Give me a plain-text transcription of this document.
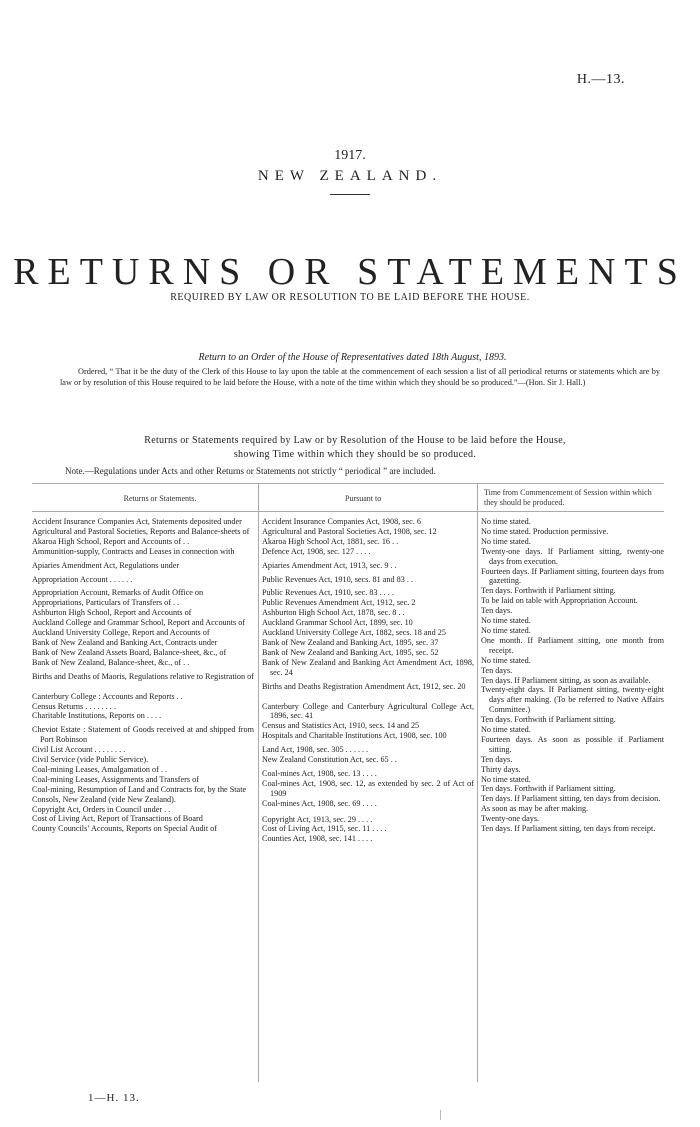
H.—13.
1917.
NEW ZEALAND.
RETURNS OR STATEMENTS
REQUIRED BY LAW OR RESOLUTION TO BE LAID BEFORE THE HOUSE.
Return to an Order of the House of Representatives dated 18th August, 1893.
Ordered, “ That it be the duty of the Clerk of this House to lay upon the table at the commencement of each session a list of all periodical returns or statements which are by law or by resolution of this House required to be laid before the House, with a note of the time within which they should be so produced.”—(Hon. Sir J. Hall.)
Returns or Statements required by Law or by Resolution of the House to be laid before the House,
showing Time within which they should be so produced.
Note.—Regulations under Acts and other Returns or Statements not strictly “ periodical ” are included.
Returns or Statements.	Pursuant to
Time from Commencement of Session within which they should be produced.
Accident Insurance Companies Act, Statements deposited under
Agricultural and Pastoral Societies, Reports and Balance-sheets of
Akaroa High School, Report and Accounts of . .
Ammunition-supply, Contracts and Leases in connection with
Apiaries Amendment Act, Regulations under
Appropriation Account . . . . . .
Appropriation Account, Remarks of Audit Office on
Appropriations, Particulars of Transfers of . .
Ashburton High School, Report and Accounts of
Auckland College and Grammar School, Report and Accounts of
Auckland University College, Report and Accounts of
Bank of New Zealand and Banking Act, Contracts under
Bank of New Zealand Assets Board, Balance-sheet, &c., of
Bank of New Zealand, Balance-sheet, &c., of . .
Births and Deaths of Maoris, Regulations relative to Registration of
Canterbury College : Accounts and Reports . .
Census Returns . . . . . . . .
Charitable Institutions, Reports on . . . .
Cheviot Estate : Statement of Goods received at and shipped from Port Robinson
Civil List Account . . . . . . . .
Civil Service (vide Public Service).
Coal-mining Leases, Amalgamation of . .
Coal-mining Leases, Assignments and Transfers of
Coal-mining, Resumption of Land and Contracts for, by the State
Consols, New Zealand (vide New Zealand).
Copyright Act, Orders in Council under . .
Cost of Living Act, Report of Transactions of Board
County Councils’ Accounts, Reports on Special Audit of
Accident Insurance Companies Act, 1908, sec. 6
Agricultural and Pastoral Societies Act, 1908, sec. 12
Akaroa High School Act, 1881, sec. 16 . .
Defence Act, 1908, sec. 127 . . . .
Apiaries Amendment Act, 1913, sec. 9 . .
Public Revenues Act, 1910, secs. 81 and 83 . .
Public Revenues Act, 1910, sec. 83 . . . .
Public Revenues Amendment Act, 1912, sec. 2
Ashburton High School Act, 1878, sec. 8 . .
Auckland Grammar School Act, 1899, sec. 10
Auckland University College Act, 1882, secs. 18 and 25
Bank of New Zealand and Banking Act, 1895, sec. 37
Bank of New Zealand and Banking Act, 1895, sec. 52
Bank of New Zealand and Banking Act Amendment Act, 1898, sec. 24
Births and Deaths Registration Amendment Act, 1912, sec. 20
Canterbury College and Canterbury Agricultural College Act, 1896, sec. 41
Census and Statistics Act, 1910, secs. 14 and 25
Hospitals and Charitable Institutions Act, 1908, sec. 100
Land Act, 1908, sec. 305 . . . . . .
New Zealand Constitution Act, sec. 65 . .
Coal-mines Act, 1908, sec. 13 . . . .
Coal-mines Act, 1908, sec. 12, as extended by sec. 2 of Act of 1909
Coal-mines Act, 1908, sec. 69 . . . .
Copyright Act, 1913, sec. 29 . . . .
Cost of Living Act, 1915, sec. 11 . . . .
Counties Act, 1908, sec. 141 . . . .
No time stated.
No time stated. Production permissive.
No time stated.
Twenty-one days. If Parliament sitting, twenty-one days from execution.
Fourteen days. If Parliament sitting, fourteen days from gazetting.
Ten days. Forthwith if Parliament sitting.
To be laid on table with Appropriation Account.
Ten days.
No time stated.
No time stated.
One month. If Parliament sitting, one month from receipt.
No time stated.
Ten days.
Ten days. If Parliament sitting, as soon as available.
Twenty-eight days. If Parliament sitting, twenty-eight days after making. (To be referred to Native Affairs Committee.)
Ten days. Forthwith if Parliament sitting.
No time stated.
Fourteen days. As soon as possible if Parliament sitting.
Ten days.
Thirty days.
No time stated.
Ten days. Forthwith if Parliament sitting.
Ten days. If Parliament sitting, ten days from decision.
As soon as may be after making.
Twenty-one days.
Ten days. If Parliament sitting, ten days from receipt.
1—H. 13.
